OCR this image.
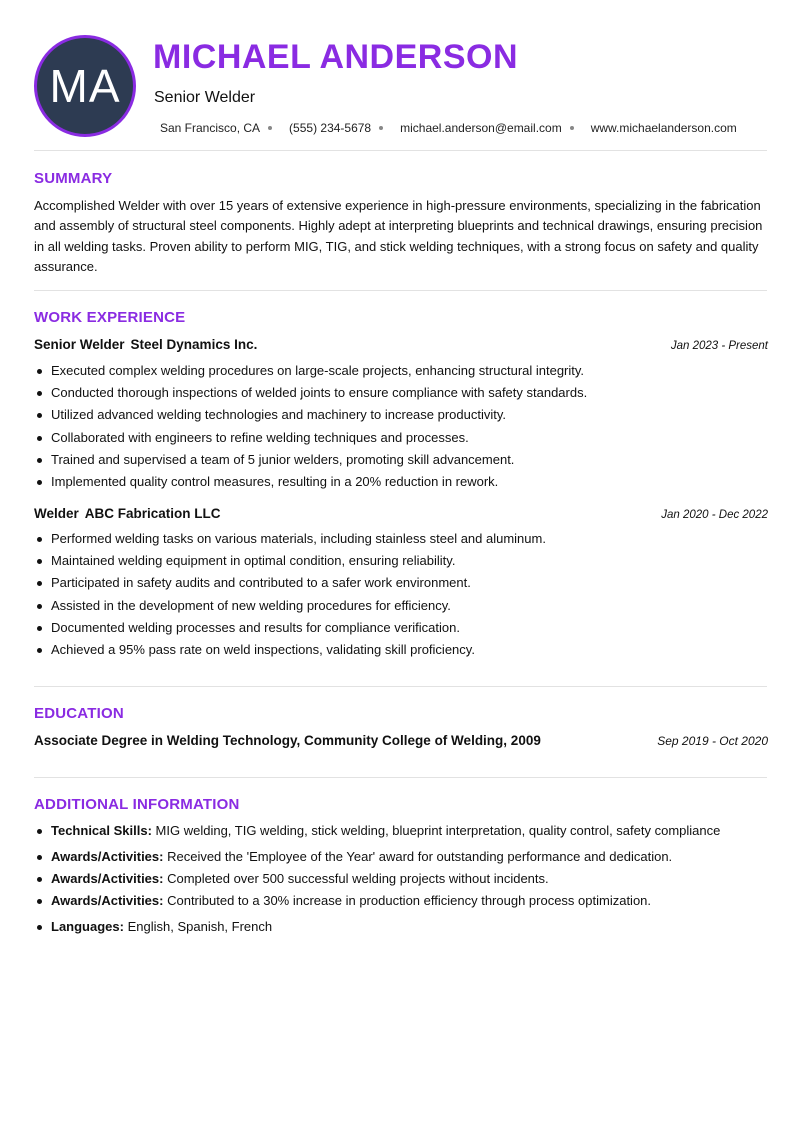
MA
MICHAEL ANDERSON
Senior Welder
San Francisco, CA (555) 234-5678 michael.anderson@email.com www.michaelanderson.com
SUMMARY
Accomplished Welder with over 15 years of extensive experience in high-pressure environments, specializing in the fabrication and assembly of structural steel components. Highly adept at interpreting blueprints and technical drawings, ensuring precision in all welding tasks. Proven ability to perform MIG, TIG, and stick welding techniques, with a strong focus on safety and quality assurance.
WORK EXPERIENCE
Senior Welder Steel Dynamics Inc.	Jan 2023 - Present
Executed complex welding procedures on large-scale projects, enhancing structural integrity.
Conducted thorough inspections of welded joints to ensure compliance with safety standards.
Utilized advanced welding technologies and machinery to increase productivity.
Collaborated with engineers to refine welding techniques and processes.
Trained and supervised a team of 5 junior welders, promoting skill advancement.
Implemented quality control measures, resulting in a 20% reduction in rework.
Welder ABC Fabrication LLC	Jan 2020 - Dec 2022
Performed welding tasks on various materials, including stainless steel and aluminum.
Maintained welding equipment in optimal condition, ensuring reliability.
Participated in safety audits and contributed to a safer work environment.
Assisted in the development of new welding procedures for efficiency.
Documented welding processes and results for compliance verification.
Achieved a 95% pass rate on weld inspections, validating skill proficiency.
EDUCATION
Associate Degree in Welding Technology, Community College of Welding, 2009	Sep 2019 - Oct 2020
ADDITIONAL INFORMATION
Technical Skills: MIG welding, TIG welding, stick welding, blueprint interpretation, quality control, safety compliance
Awards/Activities: Received the 'Employee of the Year' award for outstanding performance and dedication.
Awards/Activities: Completed over 500 successful welding projects without incidents.
Awards/Activities: Contributed to a 30% increase in production efficiency through process optimization.
Languages: English, Spanish, French
